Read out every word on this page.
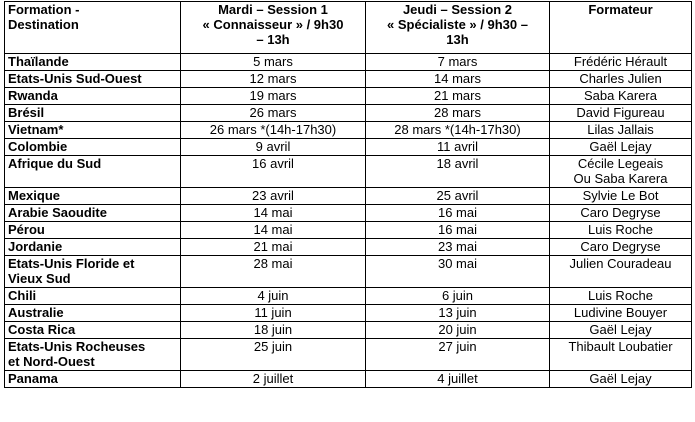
Formation -
Destination	Mardi – Session 1
« Connaisseur » / 9h30
– 13h	Jeudi – Session 2
« Spécialiste » / 9h30 –
13h	Formateur
Thaïlande	5 mars	7 mars	Frédéric Hérault

Etats-Unis Sud-Ouest	12 mars	14 mars	Charles Julien

Rwanda	19 mars	21 mars	Saba Karera

Brésil	26 mars	28 mars	David Figureau

Vietnam*	26 mars *(14h-17h30)	28 mars *(14h-17h30)	Lilas Jallais

Colombie	9 avril	11 avril	Gaël Lejay

Afrique du Sud	16 avril	18 avril	Cécile Legeais
Ou Saba Karera

Mexique	23 avril	25 avril	Sylvie Le Bot

Arabie Saoudite	14 mai	16 mai	Caro Degryse

Pérou	14 mai	16 mai	Luis Roche

Jordanie	21 mai	23 mai	Caro Degryse

Etats-Unis Floride et
Vieux Sud	28 mai	30 mai	Julien Couradeau

Chili	4 juin	6 juin	Luis Roche

Australie	11 juin	13 juin	Ludivine Bouyer

Costa Rica	18 juin	20 juin	Gaël Lejay

Etats-Unis Rocheuses
et Nord-Ouest	25 juin	27 juin	Thibault Loubatier

Panama	2 juillet	4 juillet	Gaël Lejay
